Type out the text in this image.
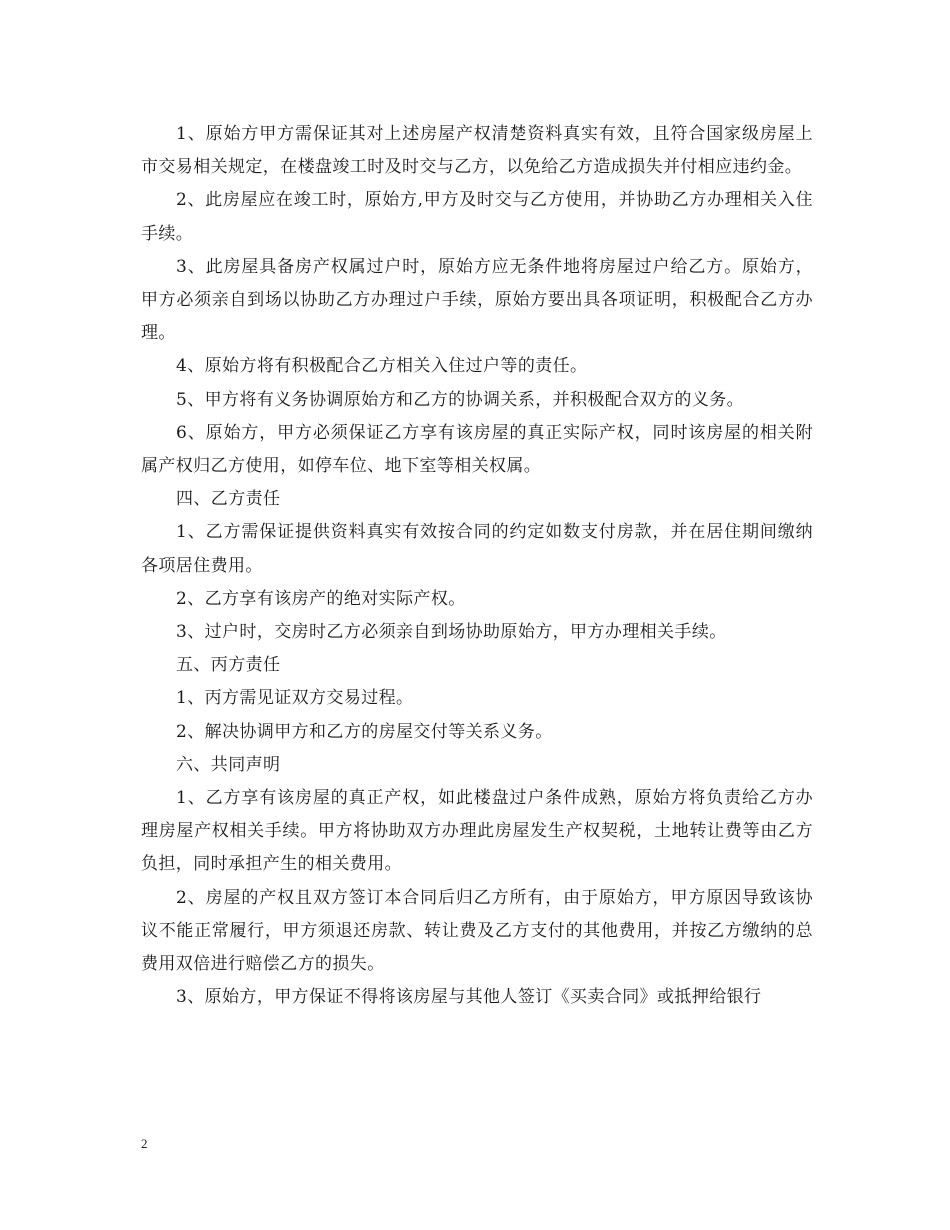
1、原始方甲方需保证其对上述房屋产权清楚资料真实有效，且符合国家级房屋上市交易相关规定，在楼盘竣工时及时交与乙方，以免给乙方造成损失并付相应违约金。

2、此房屋应在竣工时，原始方,甲方及时交与乙方使用，并协助乙方办理相关入住手续。

3、此房屋具备房产权属过户时，原始方应无条件地将房屋过户给乙方。原始方，甲方必须亲自到场以协助乙方办理过户手续，原始方要出具各项证明，积极配合乙方办理。

4、原始方将有积极配合乙方相关入住过户等的责任。

5、甲方将有义务协调原始方和乙方的协调关系，并积极配合双方的义务。

6、原始方，甲方必须保证乙方享有该房屋的真正实际产权，同时该房屋的相关附属产权归乙方使用，如停车位、地下室等相关权属。

四、乙方责任

1、乙方需保证提供资料真实有效按合同的约定如数支付房款，并在居住期间缴纳各项居住费用。

2、乙方享有该房产的绝对实际产权。

3、过户时，交房时乙方必须亲自到场协助原始方，甲方办理相关手续。

五、丙方责任

1、丙方需见证双方交易过程。

2、解决协调甲方和乙方的房屋交付等关系义务。

六、共同声明

1、乙方享有该房屋的真正产权，如此楼盘过户条件成熟，原始方将负责给乙方办理房屋产权相关手续。甲方将协助双方办理此房屋发生产权契税，土地转让费等由乙方负担，同时承担产生的相关费用。

2、房屋的产权且双方签订本合同后归乙方所有，由于原始方，甲方原因导致该协议不能正常履行，甲方须退还房款、转让费及乙方支付的其他费用，并按乙方缴纳的总费用双倍进行赔偿乙方的损失。

3、原始方，甲方保证不得将该房屋与其他人签订《买卖合同》或抵押给银行

2
